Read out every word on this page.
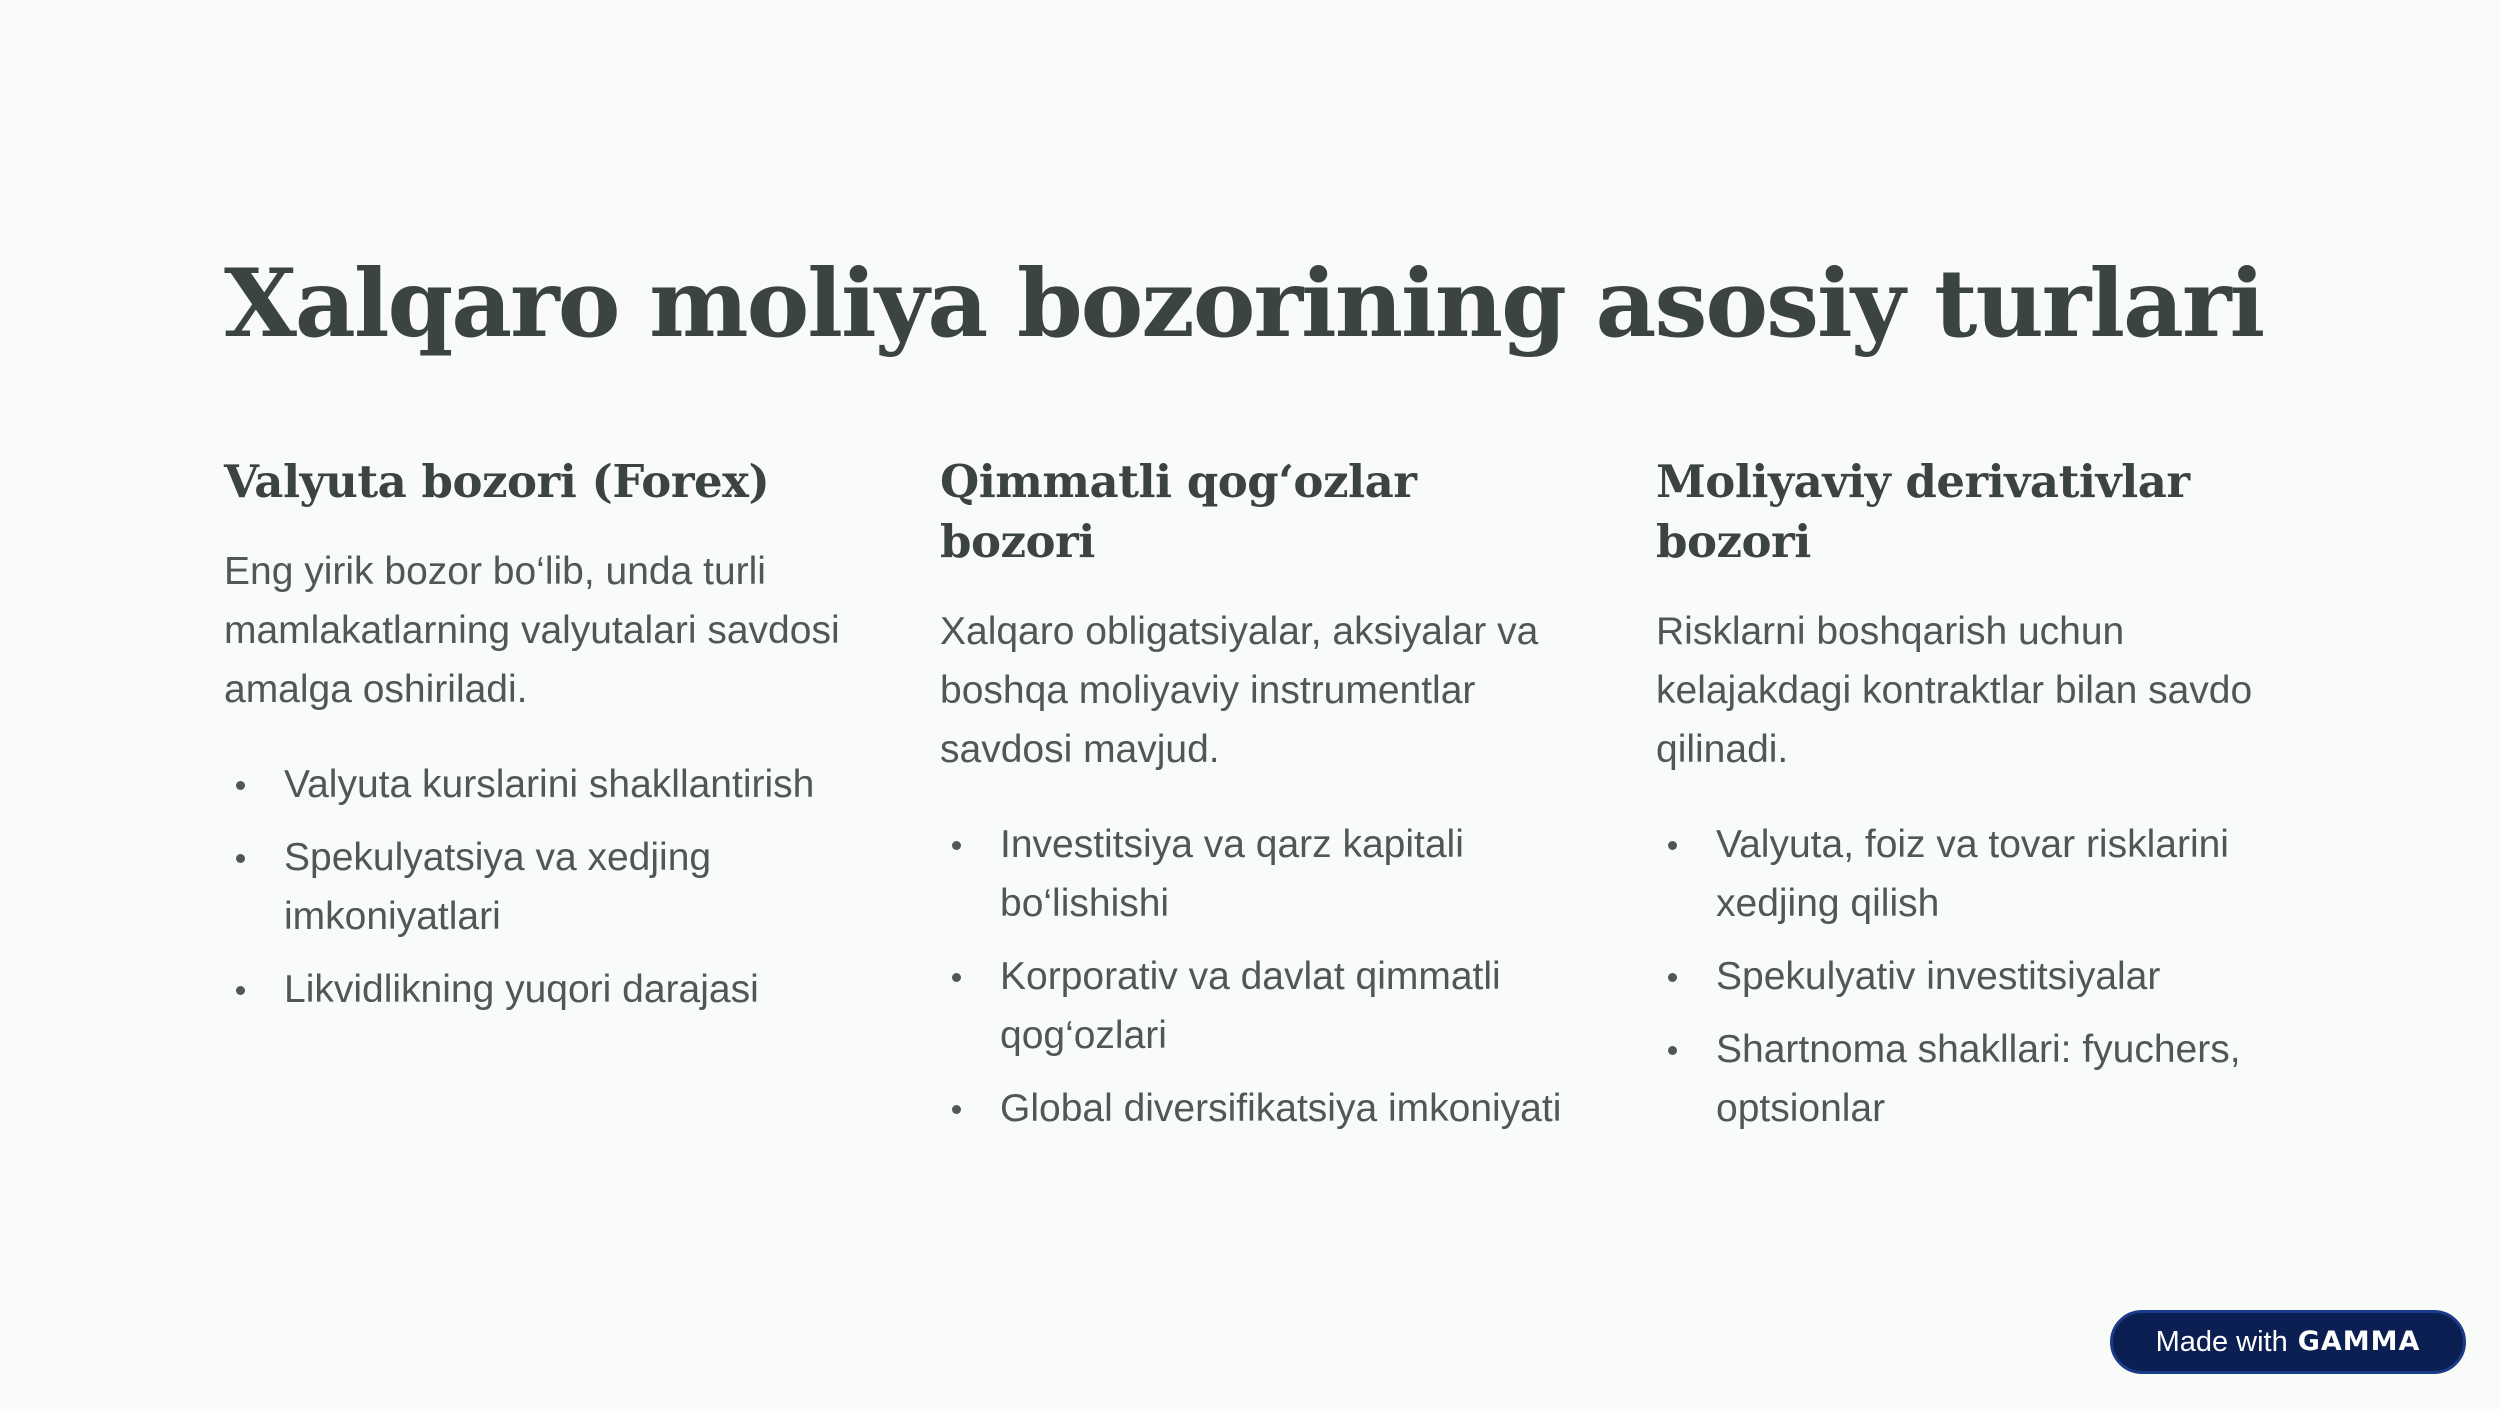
Xalqaro moliya bozorining asosiy turlari
Valyuta bozori (Forex)

Eng yirik bozor bo‘lib, unda turli mamlakatlarning valyutalari savdosi amalga oshiriladi.

Valyuta kurslarini shakllantirish
Spekulyatsiya va xedjing imkoniyatlari
Likvidlikning yuqori darajasi
Qimmatli qog‘ozlar bozori

Xalqaro obligatsiyalar, aksiyalar va boshqa moliyaviy instrumentlar savdosi mavjud.

Investitsiya va qarz kapitali bo‘lishishi
Korporativ va davlat qimmatli qog‘ozlari
Global diversifikatsiya imkoniyati
Moliyaviy derivativlar bozori

Risklarni boshqarish uchun kelajakdagi kontraktlar bilan savdo qilinadi.

Valyuta, foiz va tovar risklarini xedjing qilish
Spekulyativ investitsiyalar
Shartnoma shakllari: fyuchers, optsionlar
Made with GAMMA
